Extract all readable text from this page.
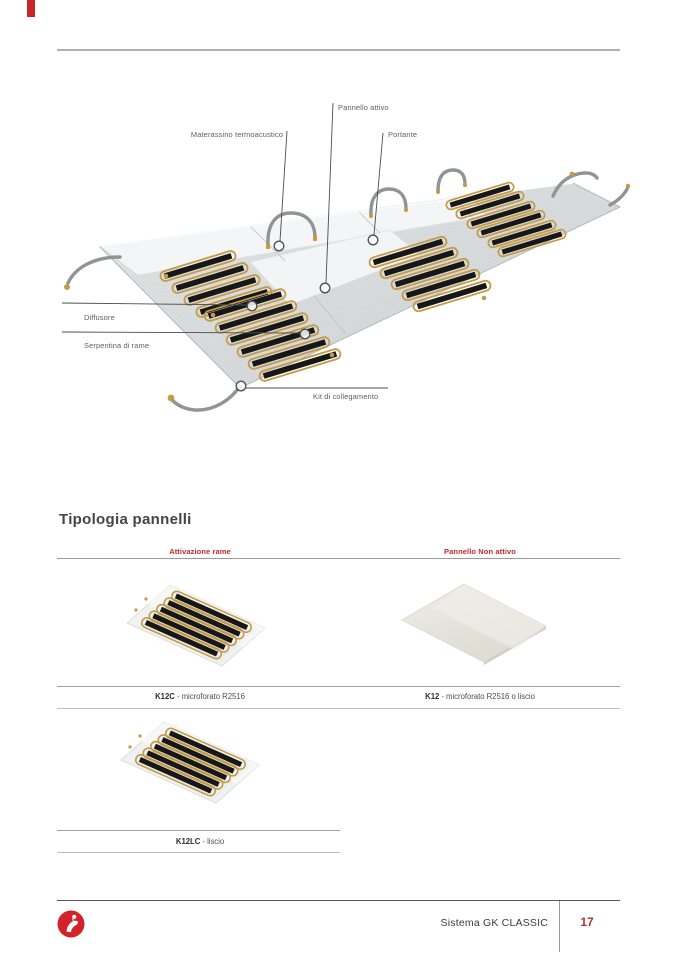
Pannello attivo
Materassino termoacustico	Portante
Diffusore
Serpentina di rame
Kit di collegamento
Tipologia pannelli
Attivazione rame	Pannello Non attivo
K12C - microforato R2516	K12 - microforato R2516 o liscio
K12LC - liscio
Sistema GK CLASSIC	17
